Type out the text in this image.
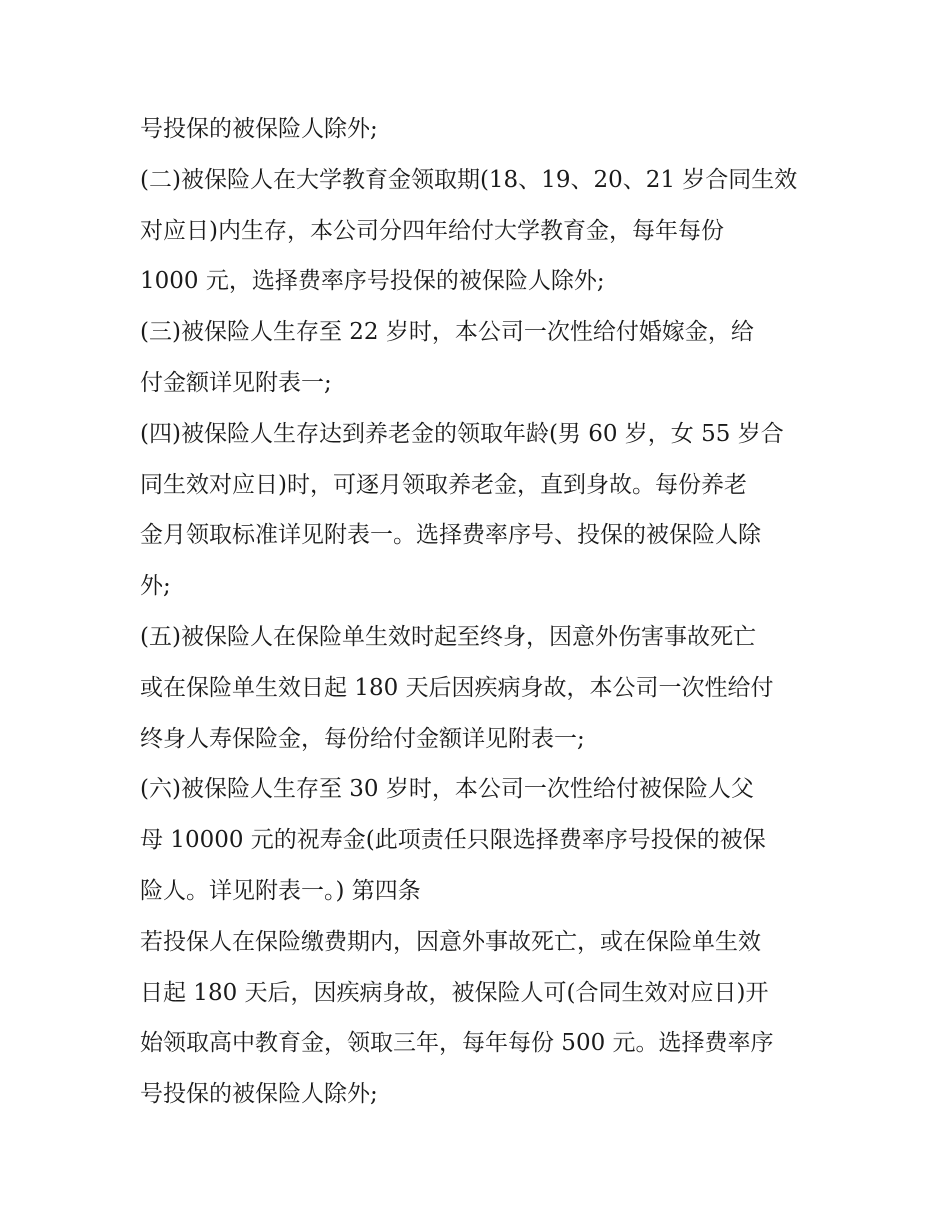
号投保的被保险人除外;
(二)被保险人在大学教育金领取期(18、19、20、21 岁合同生效
对应日)内生存，本公司分四年给付大学教育金，每年每份
1000 元，选择费率序号投保的被保险人除外;
(三)被保险人生存至 22 岁时，本公司一次性给付婚嫁金，给
付金额详见附表一;
(四)被保险人生存达到养老金的领取年龄(男 60 岁，女 55 岁合
同生效对应日)时，可逐月领取养老金，直到身故。每份养老
金月领取标准详见附表一。选择费率序号、投保的被保险人除
外;
(五)被保险人在保险单生效时起至终身，因意外伤害事故死亡
或在保险单生效日起 180 天后因疾病身故，本公司一次性给付
终身人寿保险金，每份给付金额详见附表一;
(六)被保险人生存至 30 岁时，本公司一次性给付被保险人父
母 10000 元的祝寿金(此项责任只限选择费率序号投保的被保
险人。详见附表一。) 第四条
若投保人在保险缴费期内，因意外事故死亡，或在保险单生效
日起 180 天后，因疾病身故，被保险人可(合同生效对应日)开
始领取高中教育金，领取三年，每年每份 500 元。选择费率序
号投保的被保险人除外;
